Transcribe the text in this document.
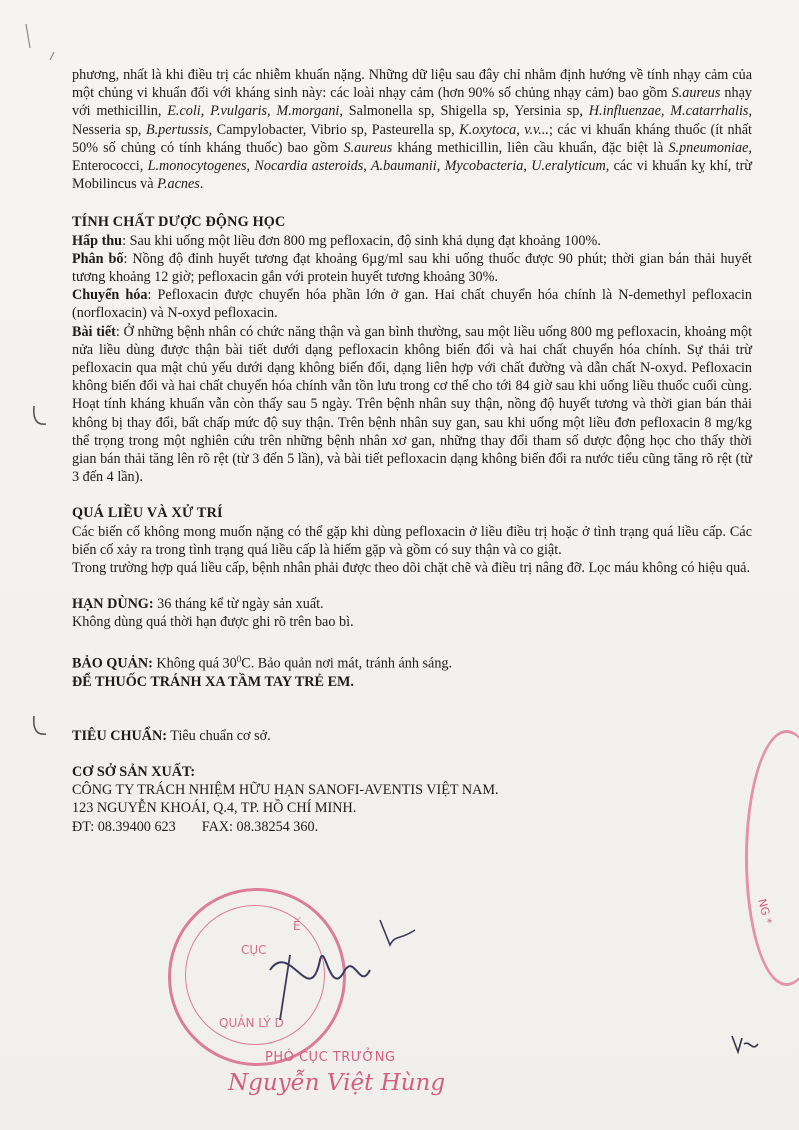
phương, nhất là khi điều trị các nhiễm khuẩn nặng. Những dữ liệu sau đây chỉ nhằm định hướng về tính nhạy cảm của một chủng vi khuẩn đối với kháng sinh này: các loài nhạy cảm (hơn 90% số chủng nhạy cảm) bao gồm S.aureus nhạy với methicillin, E.coli, P.vulgaris, M.morgani, Salmonella sp, Shigella sp, Yersinia sp, H.influenzae, M.catarrhalis, Nesseria sp, B.pertussis, Campylobacter, Vibrio sp, Pasteurella sp, K.oxytoca, v.v...; các vi khuẩn kháng thuốc (ít nhất 50% số chủng có tính kháng thuốc) bao gồm S.aureus kháng methicillin, liên cầu khuẩn, đặc biệt là S.pneumoniae, Enterococci, L.monocytogenes, Nocardia asteroids, A.baumanii, Mycobacteria, U.eralyticum, các vi khuẩn kỵ khí, trừ Mobilincus và P.acnes.

TÍNH CHẤT DƯỢC ĐỘNG HỌC

Hấp thu: Sau khi uống một liều đơn 800 mg pefloxacin, độ sinh khả dụng đạt khoảng 100%.

Phân bố: Nồng độ đỉnh huyết tương đạt khoảng 6µg/ml sau khi uống thuốc được 90 phút; thời gian bán thải huyết tương khoảng 12 giờ; pefloxacin gắn với protein huyết tương khoảng 30%.

Chuyển hóa: Pefloxacin được chuyển hóa phần lớn ở gan. Hai chất chuyển hóa chính là N-demethyl pefloxacin (norfloxacin) và N-oxyd pefloxacin.

Bài tiết: Ở những bệnh nhân có chức năng thận và gan bình thường, sau một liều uống 800 mg pefloxacin, khoảng một nửa liều dùng được thận bài tiết dưới dạng pefloxacin không biến đổi và hai chất chuyển hóa chính. Sự thải trừ pefloxacin qua mật chủ yếu dưới dạng không biến đổi, dạng liên hợp với chất đường và dẫn chất N-oxyd. Pefloxacin không biến đổi và hai chất chuyển hóa chính vẫn tồn lưu trong cơ thể cho tới 84 giờ sau khi uống liều thuốc cuối cùng. Hoạt tính kháng khuẩn vẫn còn thấy sau 5 ngày. Trên bệnh nhân suy thận, nồng độ huyết tương và thời gian bán thải không bị thay đổi, bất chấp mức độ suy thận. Trên bệnh nhân suy gan, sau khi uống một liều đơn pefloxacin 8 mg/kg thể trọng trong một nghiên cứu trên những bệnh nhân xơ gan, những thay đổi tham số dược động học cho thấy thời gian bán thải tăng lên rõ rệt (từ 3 đến 5 lần), và bài tiết pefloxacin dạng không biến đổi ra nước tiểu cũng tăng rõ rệt (từ 3 đến 4 lần).

QUÁ LIỀU VÀ XỬ TRÍ

Các biến cố không mong muốn nặng có thể gặp khi dùng pefloxacin ở liều điều trị hoặc ở tình trạng quá liều cấp. Các biến cố xảy ra trong tình trạng quá liều cấp là hiếm gặp và gồm có suy thận và co giật.

Trong trường hợp quá liều cấp, bệnh nhân phải được theo dõi chặt chẽ và điều trị nâng đỡ. Lọc máu không có hiệu quả.

HẠN DÙNG: 36 tháng kể từ ngày sản xuất.

Không dùng quá thời hạn được ghi rõ trên bao bì.

BẢO QUẢN: Không quá $30^0C$. Bảo quản nơi mát, tránh ánh sáng.

ĐỂ THUỐC TRÁNH XA TẦM TAY TRẺ EM.

TIÊU CHUẨN: Tiêu chuẩn cơ sở.

CƠ SỞ SẢN XUẤT:

CÔNG TY TRÁCH NHIỆM HỮU HẠN SANOFI-AVENTIS VIỆT NAM.

123 NGUYỄN KHOÁI, Q.4, TP. HỒ CHÍ MINH.

ĐT: 08.39400 623 FAX: 08.38254 360.

CỤC
QUẢN LÝ D
Ế
NG *

PHÓ CỤC TRƯỞNG

Nguyễn Việt Hùng
